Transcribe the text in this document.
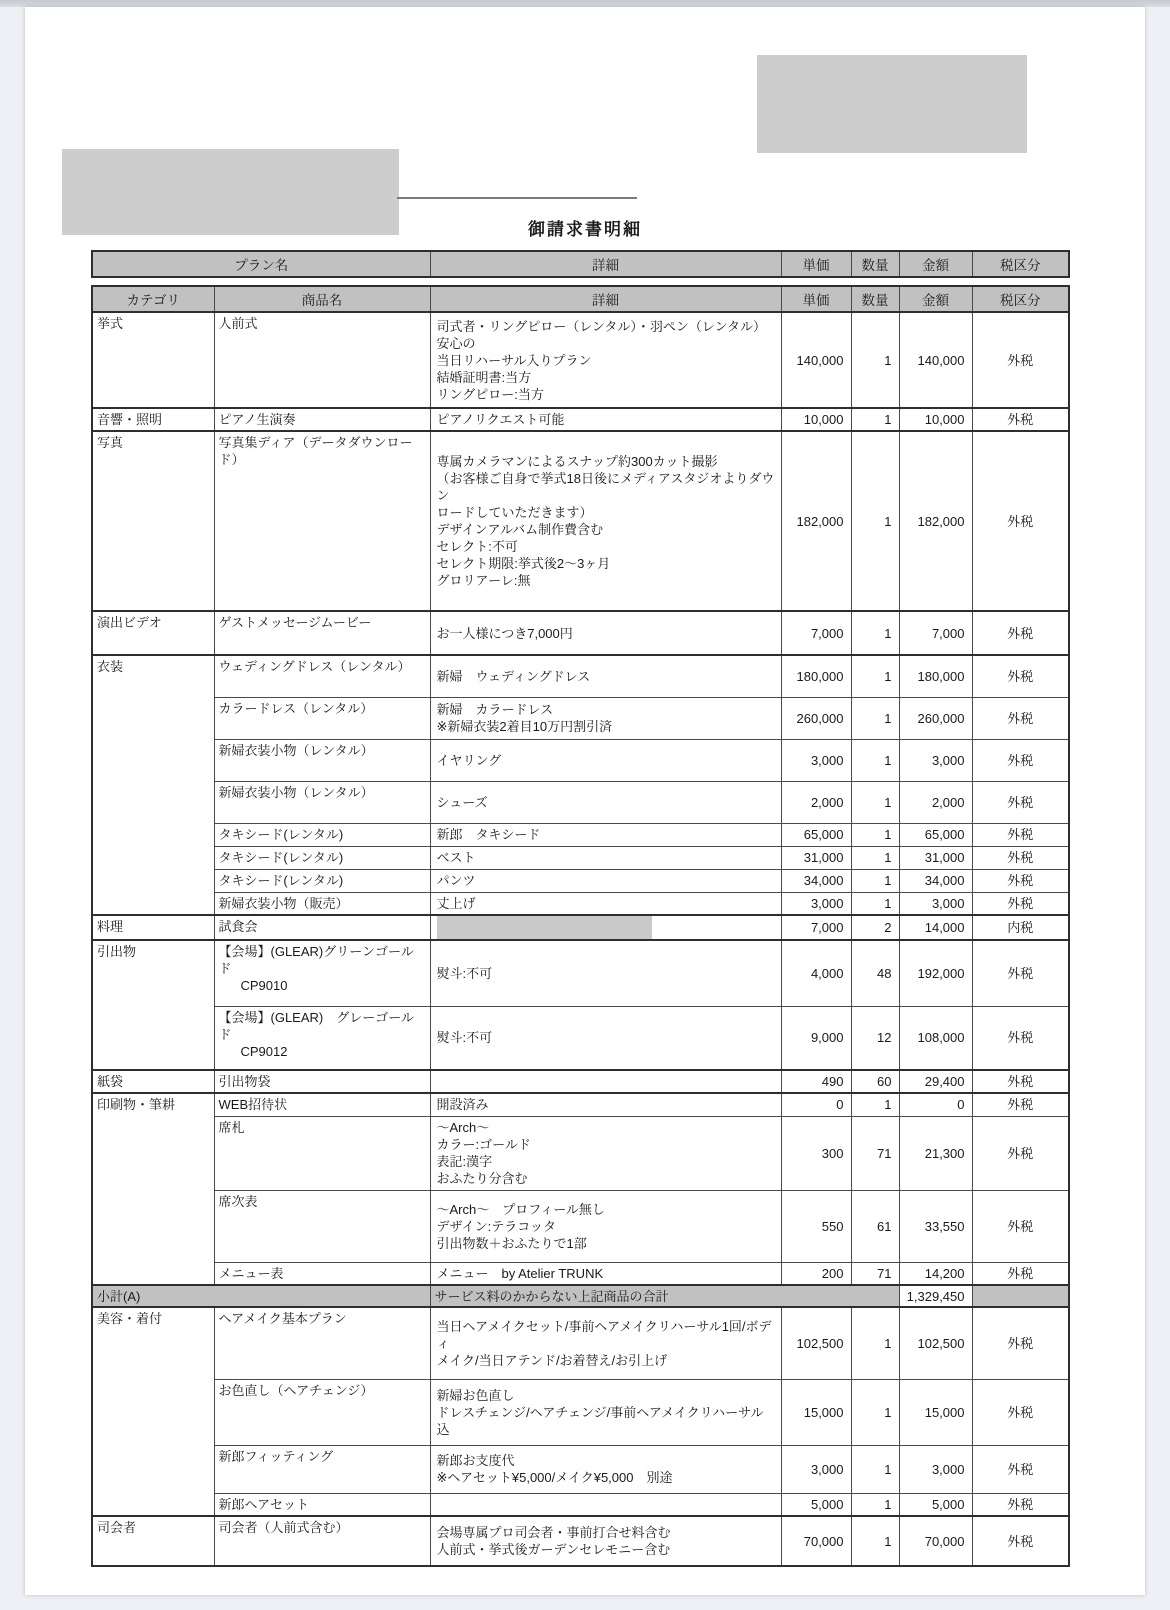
御請求書明細
プラン名	詳細	単価	数量	金額	税区分
カテゴリ	商品名	詳細	単価	数量	金額	税区分
挙式	人前式	司式者・リングピロー（レンタル）・羽ペン（レンタル）安心の
当日リハーサル入りプラン
結婚証明書:当方
リングピロー:当方	140,000	1	140,000	外税
音響・照明	ピアノ生演奏	ピアノリクエスト可能	10,000	1	10,000	外税
写真	写真集ディア（データダウンロード）	専属カメラマンによるスナップ約300カット撮影
（お客様ご自身で挙式18日後にメディアスタジオよりダウン
ロードしていただきます）
デザインアルバム制作費含む
セレクト:不可
セレクト期限:挙式後2～3ヶ月
グロリアーレ:無
	182,000	1	182,000	外税
演出ビデオ	ゲストメッセージムービー	お一人様につき7,000円	7,000	1	7,000	外税
衣装	ウェディングドレス（レンタル）	新婦　ウェディングドレス	180,000	1	180,000	外税

	カラードレス（レンタル）	新婦　カラードレス
※新婦衣装2着目10万円割引済	260,000	1	260,000	外税

	新婦衣装小物（レンタル）	イヤリング	3,000	1	3,000	外税

	新婦衣装小物（レンタル）	シューズ	2,000	1	2,000	外税

	タキシード(レンタル)	新郎　タキシード	65,000	1	65,000	外税

	タキシード(レンタル)	ベスト	31,000	1	31,000	外税

	タキシード(レンタル)	パンツ	34,000	1	34,000	外税

	新婦衣装小物（販売）	丈上げ	3,000	1	3,000	外税
料理	試食会		7,000	2	14,000	内税
引出物	【会場】(GLEAR)グリーンゴールド
CP9010	熨斗:不可	4,000	48	192,000	外税

	【会場】(GLEAR)　グレーゴールド
CP9012	熨斗:不可	9,000	12	108,000	外税
紙袋	引出物袋		490	60	29,400	外税
印刷物・筆耕	WEB招待状	開設済み	0	1	0	外税

	席札	～Arch～
カラー:ゴールド
表記:漢字
おふたり分含む	300	71	21,300	外税

	席次表	～Arch～　プロフィール無し
デザイン:テラコッタ
引出物数＋おふたりで1部	550	61	33,550	外税

	メニュー表	メニュー　by Atelier TRUNK	200	71	14,200	外税
小計(A)		サービス料のかからない上記商品の合計			1,329,450	
美容・着付	ヘアメイク基本プラン	当日ヘアメイクセット/事前ヘアメイクリハーサル1回/ボディ
メイク/当日アテンド/お着替え/お引上げ	102,500	1	102,500	外税

	お色直し（ヘアチェンジ）	新婦お色直し
ドレスチェンジ/ヘアチェンジ/事前ヘアメイクリハーサル込	15,000	1	15,000	外税

	新郎フィッティング	新郎お支度代
※ヘアセット¥5,000/メイク¥5,000　別途	3,000	1	3,000	外税

	新郎ヘアセット		5,000	1	5,000	外税
司会者	司会者（人前式含む）	会場専属プロ司会者・事前打合せ料含む
人前式・挙式後ガーデンセレモニー含む	70,000	1	70,000	外税
